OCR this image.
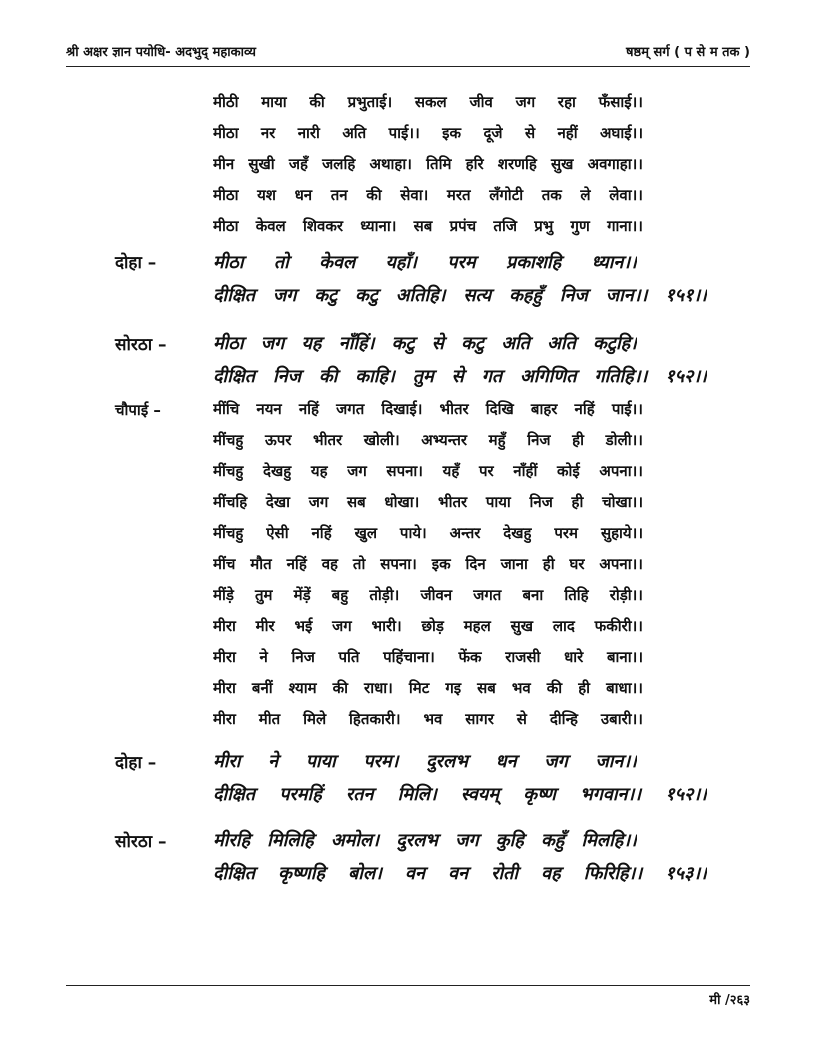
श्री अक्षर ज्ञान पयोधि- अदभुद् महाकाव्य	षष्ठम् सर्ग ( प से म तक )
मीठी माया की प्रभुताई। सकल जीव जग रहा फँसाई।।
मीठा नर नारी अति पाई।। इक दूजे से नहीं अघाई।।
मीन सुखी जहँ जलहि अथाहा। तिमि हरि शरणहि सुख अवगाहा।।
मीठा यश धन तन की सेवा। मरत लँगोटी तक ले लेवा।।
मीठा केवल शिवकर ध्याना। सब प्रपंच तजि प्रभु गुण गाना।।
दोहा –	मीठा तो केवल यहाँ। परम प्रकाशहि ध्यान।।
दीक्षित जग कटु कटु अतिहि। सत्य कहहुँ निज जान।। १५१।।
सोरठा –	मीठा जग यह नाँहिं। कटु से कटु अति अति कटुहि।
दीक्षित निज की काहि। तुम से गत अगिणित गतिहि।। १५२।।
चौपाई –	मींचि नयन नहिं जगत दिखाई। भीतर दिखि बाहर नहिं पाई।।
मींचहु ऊपर भीतर खोली। अभ्यन्तर महुँ निज ही डोली।।
मींचहु देखहु यह जग सपना। यहँ पर नाँहीं कोई अपना।।
मींचहि देखा जग सब धोखा। भीतर पाया निज ही चोखा।।
मींचहु ऐसी नहिं खुल पाये। अन्तर देखहु परम सुहाये।।
मींच मौत नहिं वह तो सपना। इक दिन जाना ही घर अपना।।
मींड़े तुम मेंड़ें बहु तोड़ी। जीवन जगत बना तिहि रोड़ी।।
मीरा मीर भई जग भारी। छोड़ महल सुख लाद फकीरी।।
मीरा ने निज पति पहिंचाना। फेंक राजसी धारे बाना।।
मीरा बनीं श्याम की राधा। मिट गइ सब भव की ही बाधा।।
मीरा मीत मिले हितकारी। भव सागर से दीन्हि उबारी।।
दोहा –	मीरा ने पाया परम। दुरलभ धन जग जान।।
दीक्षित परमहिं रतन मिलि। स्वयम् कृष्ण भगवान।। १५२।।
सोरठा –	मीरहि मिलिहि अमोल। दुरलभ जग कुहि कहुँ मिलहि।।
दीक्षित कृष्णहि बोल। वन वन रोती वह फिरिहि।। १५३।।
मी /२६३
